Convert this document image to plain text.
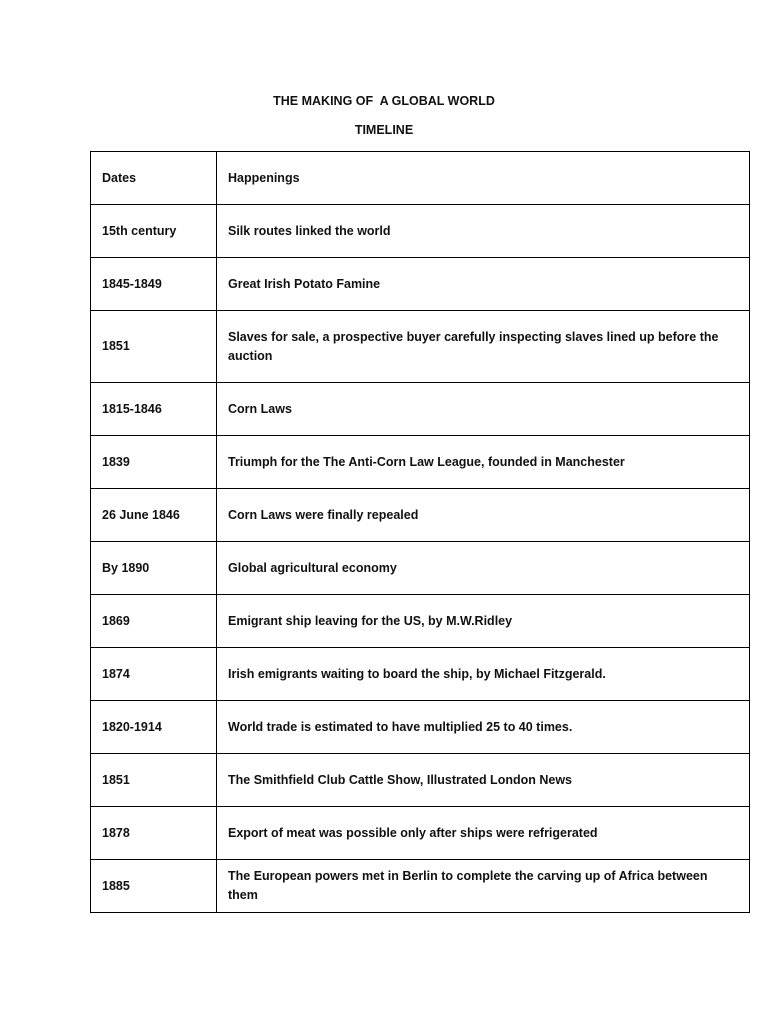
THE MAKING OF  A GLOBAL WORLD
TIMELINE
Dates	Happenings
15th century	Silk routes linked the world
1845-1849	Great Irish Potato Famine
1851	Slaves for sale, a prospective buyer carefully inspecting slaves lined up before the auction
1815-1846	Corn Laws
1839	Triumph for the The Anti-Corn Law League, founded in Manchester
26 June 1846	Corn Laws were finally repealed
By 1890	Global agricultural economy
1869	Emigrant ship leaving for the US, by M.W.Ridley
1874	Irish emigrants waiting to board the ship, by Michael Fitzgerald.
1820-1914	World trade is estimated to have multiplied 25 to 40 times.
1851	The Smithfield Club Cattle Show, Illustrated London News
1878	Export of meat was possible only after ships were refrigerated
1885	The European powers met in Berlin to complete the carving up of Africa between them
